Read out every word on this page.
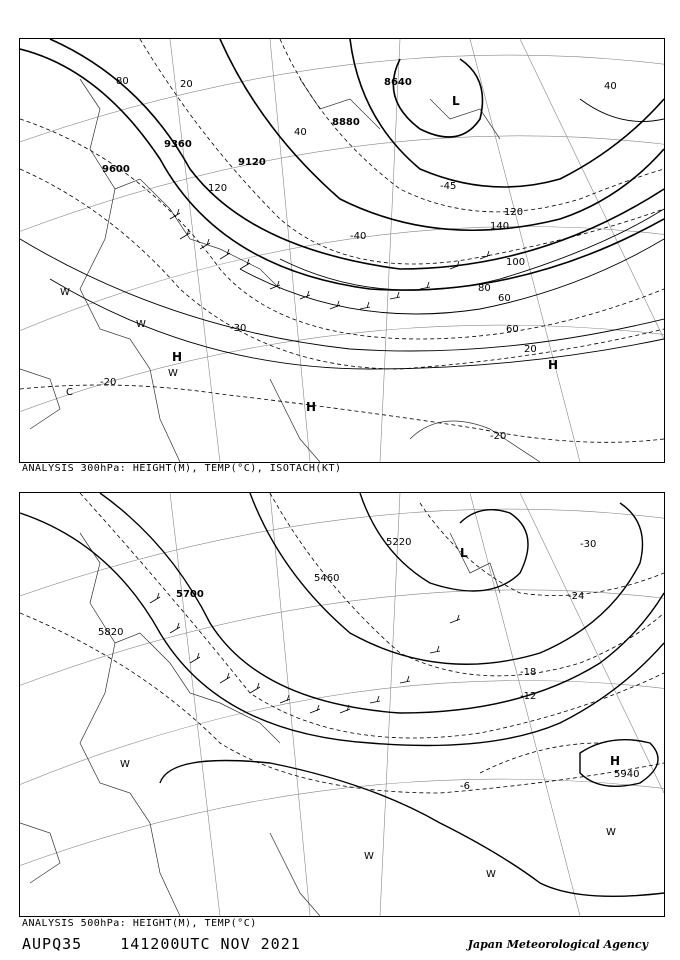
9600
9360
9120
8880
8640
20
40
60
80
100
120
140
60
40
20
80
120
-20
-20
-30
-40
-45
L
H
H
H
C
W
W
W
ANALYSIS 300hPa: HEIGHT(M), TEMP(°C), ISOTACH(KT)
5820
5700
5460
5220
5940
-30
-24
-18
-12
-6
L
H
W
W
W
W
ANALYSIS 500hPa: HEIGHT(M), TEMP(°C)
AUPQ35	141200UTC NOV 2021	Japan Meteorological Agency
